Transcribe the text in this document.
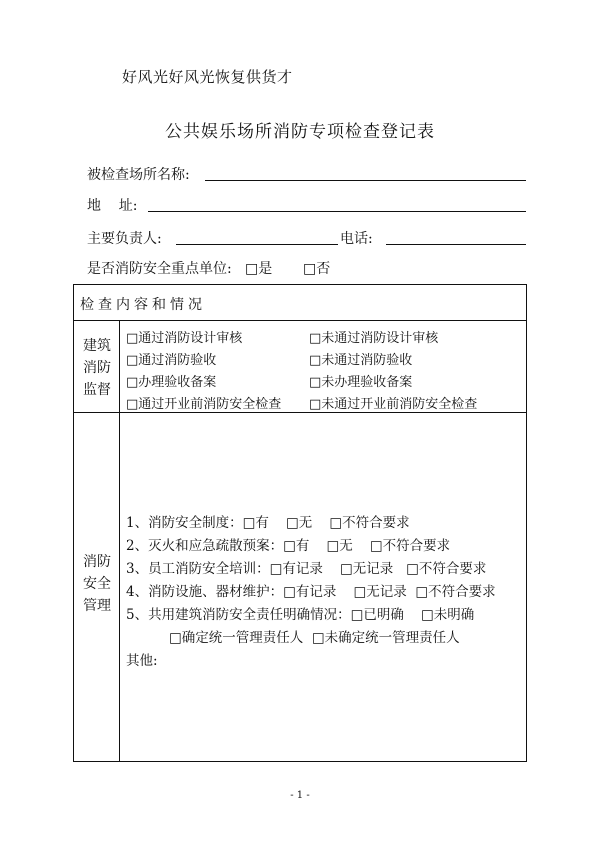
好风光好风光恢复供货才
公共娱乐场所消防专项检查登记表
被检查场所名称:
地    址:
主要负责人:	电话:
是否消防安全重点单位: □是 □否
检查内容和情况
建筑
消防
监督
□通过消防设计审核	□未通过消防设计审核
□通过消防验收	□未通过消防验收
□办理验收备案	□未办理验收备案
□通过开业前消防安全检查 □未通过开业前消防安全检查
消防
安全
管理
1、消防安全制度：□有    □无    □不符合要求
2、灭火和应急疏散预案：□有    □无    □不符合要求
3、员工消防安全培训：□有记录    □无记录   □不符合要求
4、消防设施、器材维护：□有记录    □无记录  □不符合要求
5、共用建筑消防安全责任明确情况：□已明确    □未明确
□确定统一管理责任人  □未确定统一管理责任人
其他:
- 1 -
